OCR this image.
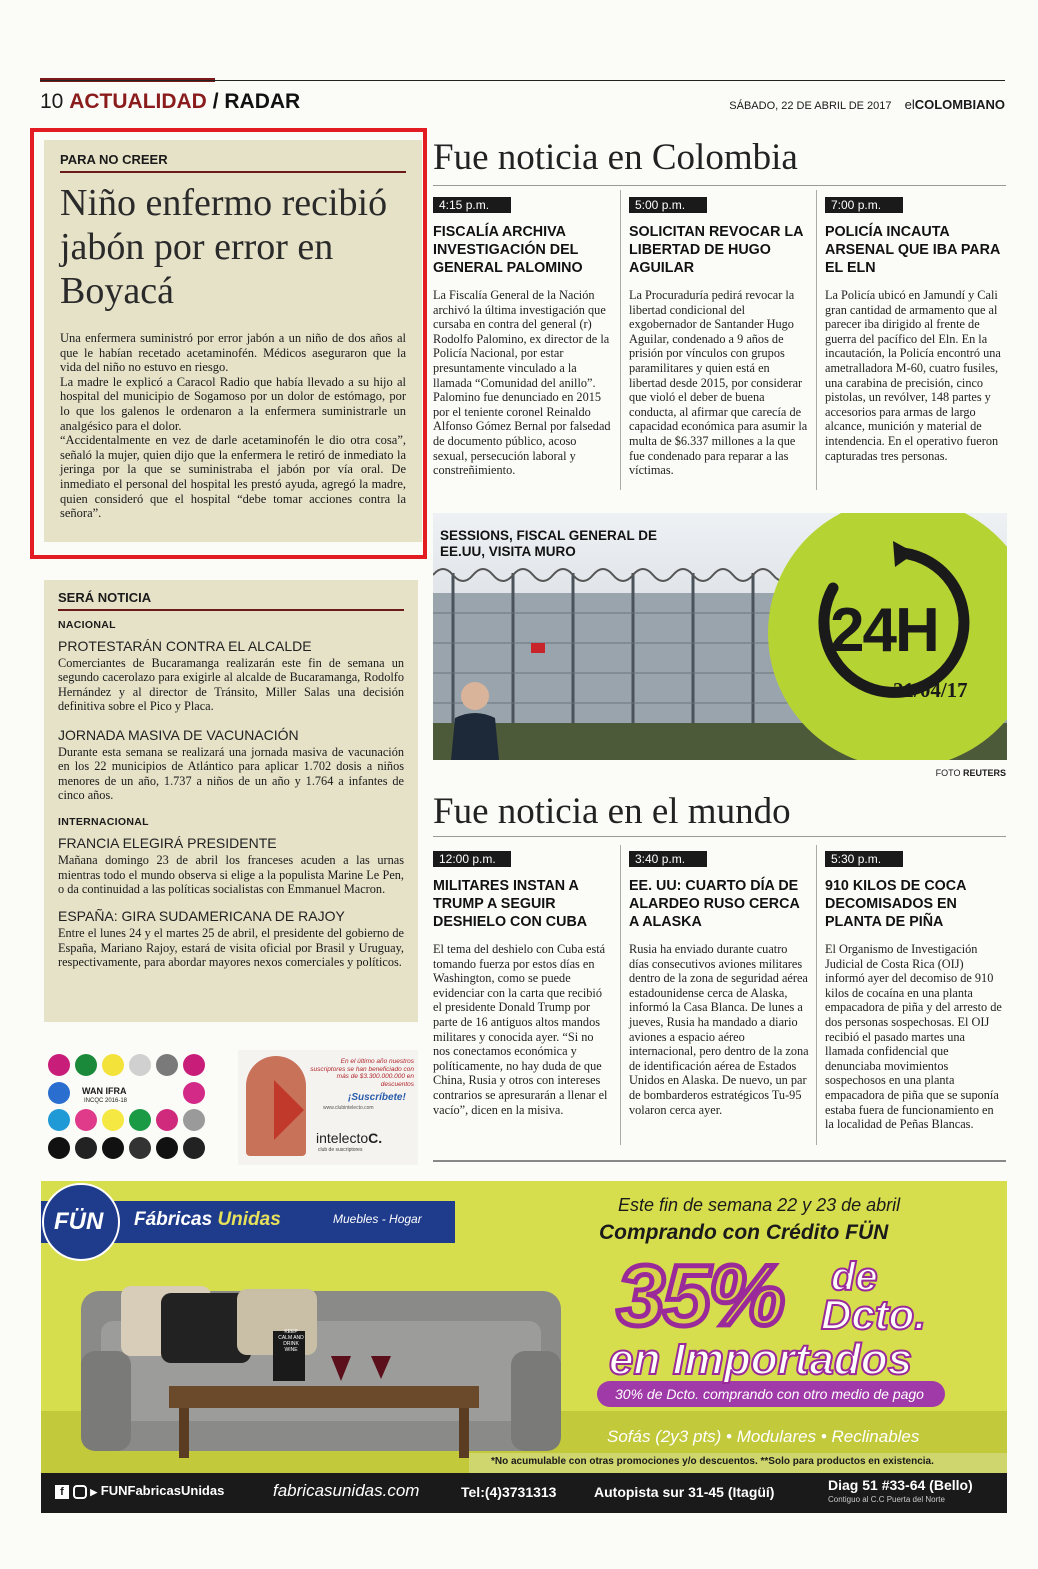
10 ACTUALIDAD / RADAR	SÁBADO, 22 DE ABRIL DE 2017 elCOLOMBIANO
PARA NO CREER
Niño enfermo recibió jabón por error en Boyacá
Una enfermera suministró por error jabón a un niño de dos años al que le habían recetado acetaminofén. Médicos aseguraron que la vida del niño no estuvo en riesgo.
La madre le explicó a Caracol Radio que había llevado a su hijo al hospital del municipio de Sogamoso por un dolor de estómago, por lo que los galenos le ordenaron a la enfermera suministrarle un analgésico para el dolor.
“Accidentalmente en vez de darle acetaminofén le dio otra cosa”, señaló la mujer, quien dijo que la enfermera le retiró de inmediato la jeringa por la que se suministraba el jabón por vía oral. De inmediato el personal del hospital les prestó ayuda, agregó la madre, quien consideró que el hospital “debe tomar acciones contra la señora”.
SERÁ NOTICIA
NACIONAL
PROTESTARÁN CONTRA EL ALCALDE
Comerciantes de Bucaramanga realizarán este fin de semana un segundo cacerolazo para exigirle al alcalde de Bucaramanga, Rodolfo Hernández y al director de Tránsito, Miller Salas una decisión definitiva sobre el Pico y Placa.
JORNADA MASIVA DE VACUNACIÓN
Durante esta semana se realizará una jornada masiva de vacunación en los 22 municipios de Atlántico para aplicar 1.702 dosis a niños menores de un año, 1.737 a niños de un año y 1.764 a infantes de cinco años.
INTERNACIONAL
FRANCIA ELEGIRÁ PRESIDENTE
Mañana domingo 23 de abril los franceses acuden a las urnas mientras todo el mundo observa si elige a la populista Marine Le Pen, o da continuidad a las políticas socialistas con Emmanuel Macron.
ESPAÑA: GIRA SUDAMERICANA DE RAJOY
Entre el lunes 24 y el martes 25 de abril, el presidente del gobierno de España, Mariano Rajoy, estará de visita oficial por Brasil y Uruguay, respectivamente, para abordar mayores nexos comerciales y políticos.
Fue noticia en Colombia
4:15 p.m.
FISCALÍA ARCHIVA INVESTIGACIÓN DEL GENERAL PALOMINO
La Fiscalía General de la Nación archivó la última investigación que cursaba en contra del general (r) Rodolfo Palomino, ex director de la Policía Nacional, por estar presuntamente vinculado a la llamada “Comunidad del anillo”. Palomino fue denunciado en 2015 por el teniente coronel Reinaldo Alfonso Gómez Bernal por falsedad de documento público, acoso sexual, persecución laboral y constreñimiento.
5:00 p.m.
SOLICITAN REVOCAR LA LIBERTAD DE HUGO AGUILAR
La Procuraduría pedirá revocar la libertad condicional del exgobernador de Santander Hugo Aguilar, condenado a 9 años de prisión por vínculos con grupos paramilitares y quien está en libertad desde 2015, por considerar que violó el deber de buena conducta, al afirmar que carecía de capacidad económica para asumir la multa de $6.337 millones a la que fue condenado para reparar a las víctimas.
7:00 p.m.
POLICÍA INCAUTA ARSENAL QUE IBA PARA EL ELN
La Policía ubicó en Jamundí y Cali gran cantidad de armamento que al parecer iba dirigido al frente de guerra del pacífico del Eln. En la incautación, la Policía encontró una ametralladora M-60, cuatro fusiles, una carabina de precisión, cinco pistolas, un revólver, 148 partes y accesorios para armas de largo alcance, munición y material de intendencia. En el operativo fueron capturadas tres personas.
SESSIONS, FISCAL GENERAL DE EE.UU, VISITA MURO
24H
21/04/17
FOTO REUTERS
Fue noticia en el mundo
12:00 p.m.
MILITARES INSTAN A TRUMP A SEGUIR DESHIELO CON CUBA
El tema del deshielo con Cuba está tomando fuerza por estos días en Washington, como se puede evidenciar con la carta que recibió el presidente Donald Trump por parte de 16 antiguos altos mandos militares y conocida ayer. “Si no nos conectamos económica y políticamente, no hay duda de que China, Rusia y otros con intereses contrarios se apresurarán a llenar el vacío”, dicen en la misiva.
3:40 p.m.
EE. UU: CUARTO DÍA DE ALARDEO RUSO CERCA A ALASKA
Rusia ha enviado durante cuatro días consecutivos aviones militares dentro de la zona de seguridad aérea estadounidense cerca de Alaska, informó la Casa Blanca. De lunes a jueves, Rusia ha mandado a diario aviones a espacio aéreo internacional, pero dentro de la zona de identificación aérea de Estados Unidos en Alaska. De nuevo, un par de bombarderos estratégicos Tu-95 volaron cerca ayer.
5:30 p.m.
910 KILOS DE COCA DECOMISADOS EN PLANTA DE PIÑA
El Organismo de Investigación Judicial de Costa Rica (OIJ) informó ayer del decomiso de 910 kilos de cocaína en una planta empacadora de piña y del arresto de dos personas sospechosas. El OIJ recibió el pasado martes una llamada confidencial que denunciaba movimientos sospechosos en una planta empacadora de piña que se suponía estaba fuera de funcionamiento en la localidad de Peñas Blancas.
WAN IFRA
INCQC 2016-18
En el último año nuestros suscriptores se han beneficiado con más de $3.300.000.000 en descuentos
¡Suscríbete!
www.clubintelecto.com
intelectoC.
club de suscriptores
KEEP CALM AND DRINK WINE
FÜN Fábricas Unidas	Muebles - Hogar
Este fin de semana 22 y 23 de abril
Comprando con Crédito FÜN
35% de
Dcto.
en Importados
30% de Dcto. comprando con otro medio de pago
Sofás (2y3 pts) • Modulares • Reclinables
*No acumulable con otras promociones y/o descuentos. **Solo para productos en existencia.
f	▶ FUNFabricasUnidas	fabricasunidas.com	Tel:(4)3731313	Autopista sur 31-45 (Itagüí)	Diag 51 #33-64 (Bello)
Contiguo al C.C Puerta del Norte
